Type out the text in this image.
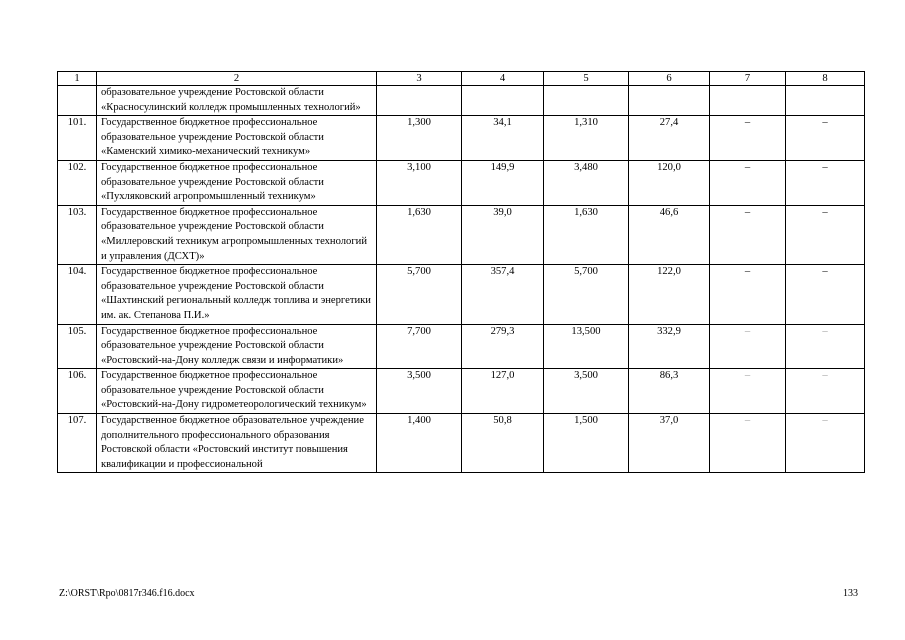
1	2	3	4	5	6	7	8
	образовательное учреждение Ростовской области «Красносулинский колледж промышленных технологий»						
101.	Государственное бюджетное профессиональное образовательное учреждение Ростовской области «Каменский химико-механический техникум»	1,300	34,1	1,310	27,4	–	–
102.	Государственное бюджетное профессиональное образовательное учреждение Ростовской области «Пухляковский агропромышленный техникум»	3,100	149,9	3,480	120,0	–	–
103.	Государственное бюджетное профессиональное образовательное учреждение Ростовской области «Миллеровский техникум агропромышленных технологий и управления (ДСХТ)»	1,630	39,0	1,630	46,6	–	–
104.	Государственное бюджетное профессиональное образовательное учреждение Ростовской области «Шахтинский региональный колледж топлива и энергетики им. ак. Степанова П.И.»	5,700	357,4	5,700	122,0	–	–
105.	Государственное бюджетное профессиональное образовательное учреждение Ростовской области «Ростовский-на-Дону колледж связи и информатики»	7,700	279,3	13,500	332,9	–	–
106.	Государственное бюджетное профессиональное образовательное учреждение Ростовской области «Ростовский-на-Дону гидрометеорологический техникум»	3,500	127,0	3,500	86,3	–	–
107.	Государственное бюджетное образовательное учреждение дополнительного профессионального образования Ростовской области «Ростовский институт повышения квалификации и профессиональной	1,400	50,8	1,500	37,0	–	–
Z:\ORST\Rpo\0817r346.f16.docx	133
